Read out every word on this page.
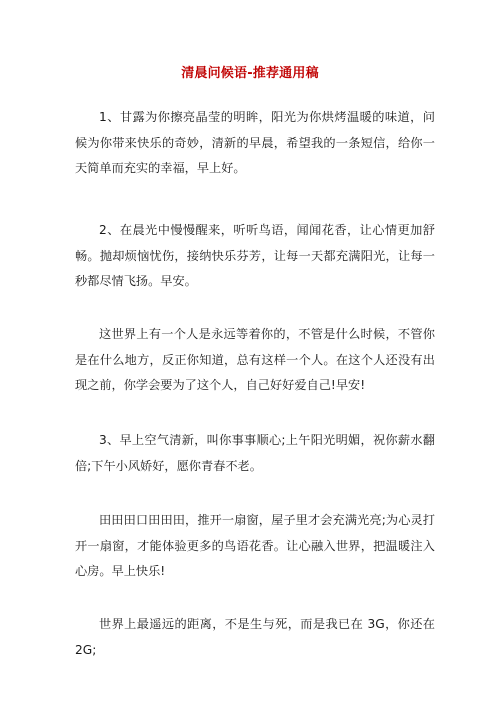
清晨问候语-推荐通用稿

1、甘露为你擦亮晶莹的明眸，阳光为你烘烤温暖的味道，问候为你带来快乐的奇妙，清新的早晨，希望我的一条短信，给你一天简单而充实的幸福，早上好。

2、在晨光中慢慢醒来，听听鸟语，闻闻花香，让心情更加舒畅。抛却烦恼忧伤，接纳快乐芬芳，让每一天都充满阳光，让每一秒都尽情飞扬。早安。

这世界上有一个人是永远等着你的，不管是什么时候，不管你是在什么地方，反正你知道，总有这样一个人。在这个人还没有出现之前，你学会要为了这个人，自己好好爱自己!早安!

3、早上空气清新，叫你事事顺心;上午阳光明媚，祝你薪水翻倍;下午小风娇好，愿你青春不老。

田田田口田田田，推开一扇窗，屋子里才会充满光亮;为心灵打开一扇窗，才能体验更多的鸟语花香。让心融入世界，把温暖注入心房。早上快乐!

世界上最遥远的距离，不是生与死，而是我已在 3G，你还在 2G;
